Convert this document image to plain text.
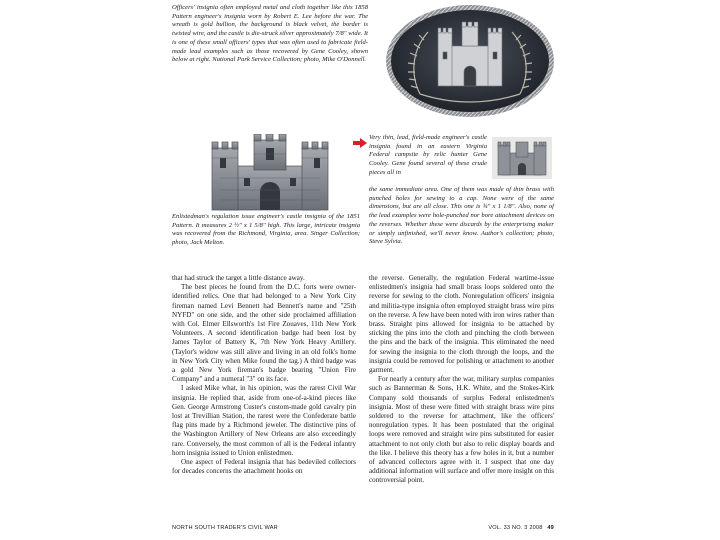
Officers' insignia often employed metal and cloth together like this 1858 Pattern engineer's insignia worn by Robert E. Lee before the war. The wreath is gold bullion, the background is black velvet, the border is twisted wire, and the castle is die-struck silver approximately 7/8" wide. It is one of these small officers' types that was often used to fabricate field-made lead examples such as those recovered by Gene Cooley, shown below at right. National Park Service Collection; photo, Mike O'Donnell.

Very thin, lead, field-made engineer's castle insignia found in an eastern Virginia Federal campsite by relic hunter Gene Cooley. Gene found several of these crude pieces all in

Enlistedman's regulation issue engineer's castle insignia of the 1851 Pattern. It measures 2 ½" x 1 5/8" high. This large, intricate insignia was recovered from the Richmond, Virginia, area. Singer Collection; photo, Jack Melton.

the same immediate area. One of them was made of thin brass with punched holes for sewing to a cap. None were of the same dimensions, but are all close. This one is ¾" x 1 1/8". Also, none of the lead examples were hole-punched nor bore attachment devices on the reverses. Whether these were discards by the enterprising maker or simply unfinished, we'll never know. Author's collection; photo, Steve Sylvia.

that had struck the target a little distance away.

The best pieces he found from the D.C. forts were owner-identified relics. One that had belonged to a New York City fireman named Levi Bennett had Bennett's name and "25th NYFD" on one side, and the other side proclaimed affiliation with Col. Elmer Ellsworth's 1st Fire Zouaves, 11th New York Volunteers. A second identification badge had been lost by James Taylor of Battery K, 7th New York Heavy Artillery. (Taylor's widow was still alive and living in an old folk's home in New York City when Mike found the tag.) A third badge was a gold New York fireman's badge bearing "Union Fire Company" and a numeral "3" on its face.

I asked Mike what, in his opinion, was the rarest Civil War insignia. He replied that, aside from one-of-a-kind pieces like Gen. George Armstrong Custer's custom-made gold cavalry pin lost at Trevillian Station, the rarest were the Confederate battle flag pins made by a Richmond jeweler. The distinctive pins of the Washington Artillery of New Orleans are also exceedingly rare. Conversely, the most common of all is the Federal infantry horn insignia issued to Union enlistedmen.

One aspect of Federal insignia that has bedeviled collectors for decades concerns the attachment hooks on

the reverse. Generally, the regulation Federal wartime-issue enlistedmen's insignia had small brass loops soldered onto the reverse for sewing to the cloth. Nonregulation officers' insignia and militia-type insignia often employed straight brass wire pins on the reverse. A few have been noted with iron wires rather than brass. Straight pins allowed for insignia to be attached by sticking the pins into the cloth and pinching the cloth between the pins and the back of the insignia. This eliminated the need for sewing the insignia to the cloth through the loops, and the insignia could be removed for polishing or attachment to another garment.

For nearly a century after the war, military surplus companies such as Bannerman & Sons, H.K. White, and the Stokes-Kirk Company sold thousands of surplus Federal enlistedmen's insignia. Most of these were fitted with straight brass wire pins soldered to the reverse for attachment, like the officers' nonregulation types. It has been postulated that the original loops were removed and straight wire pins substituted for easier attachment to not only cloth but also to relic display boards and the like. I believe this theory has a few holes in it, but a number of advanced collectors agree with it. I suspect that one day additional information will surface and offer more insight on this controversial point.

NORTH SOUTH TRADER'S CIVIL WAR	VOL. 33 NO. 3 2008 49
